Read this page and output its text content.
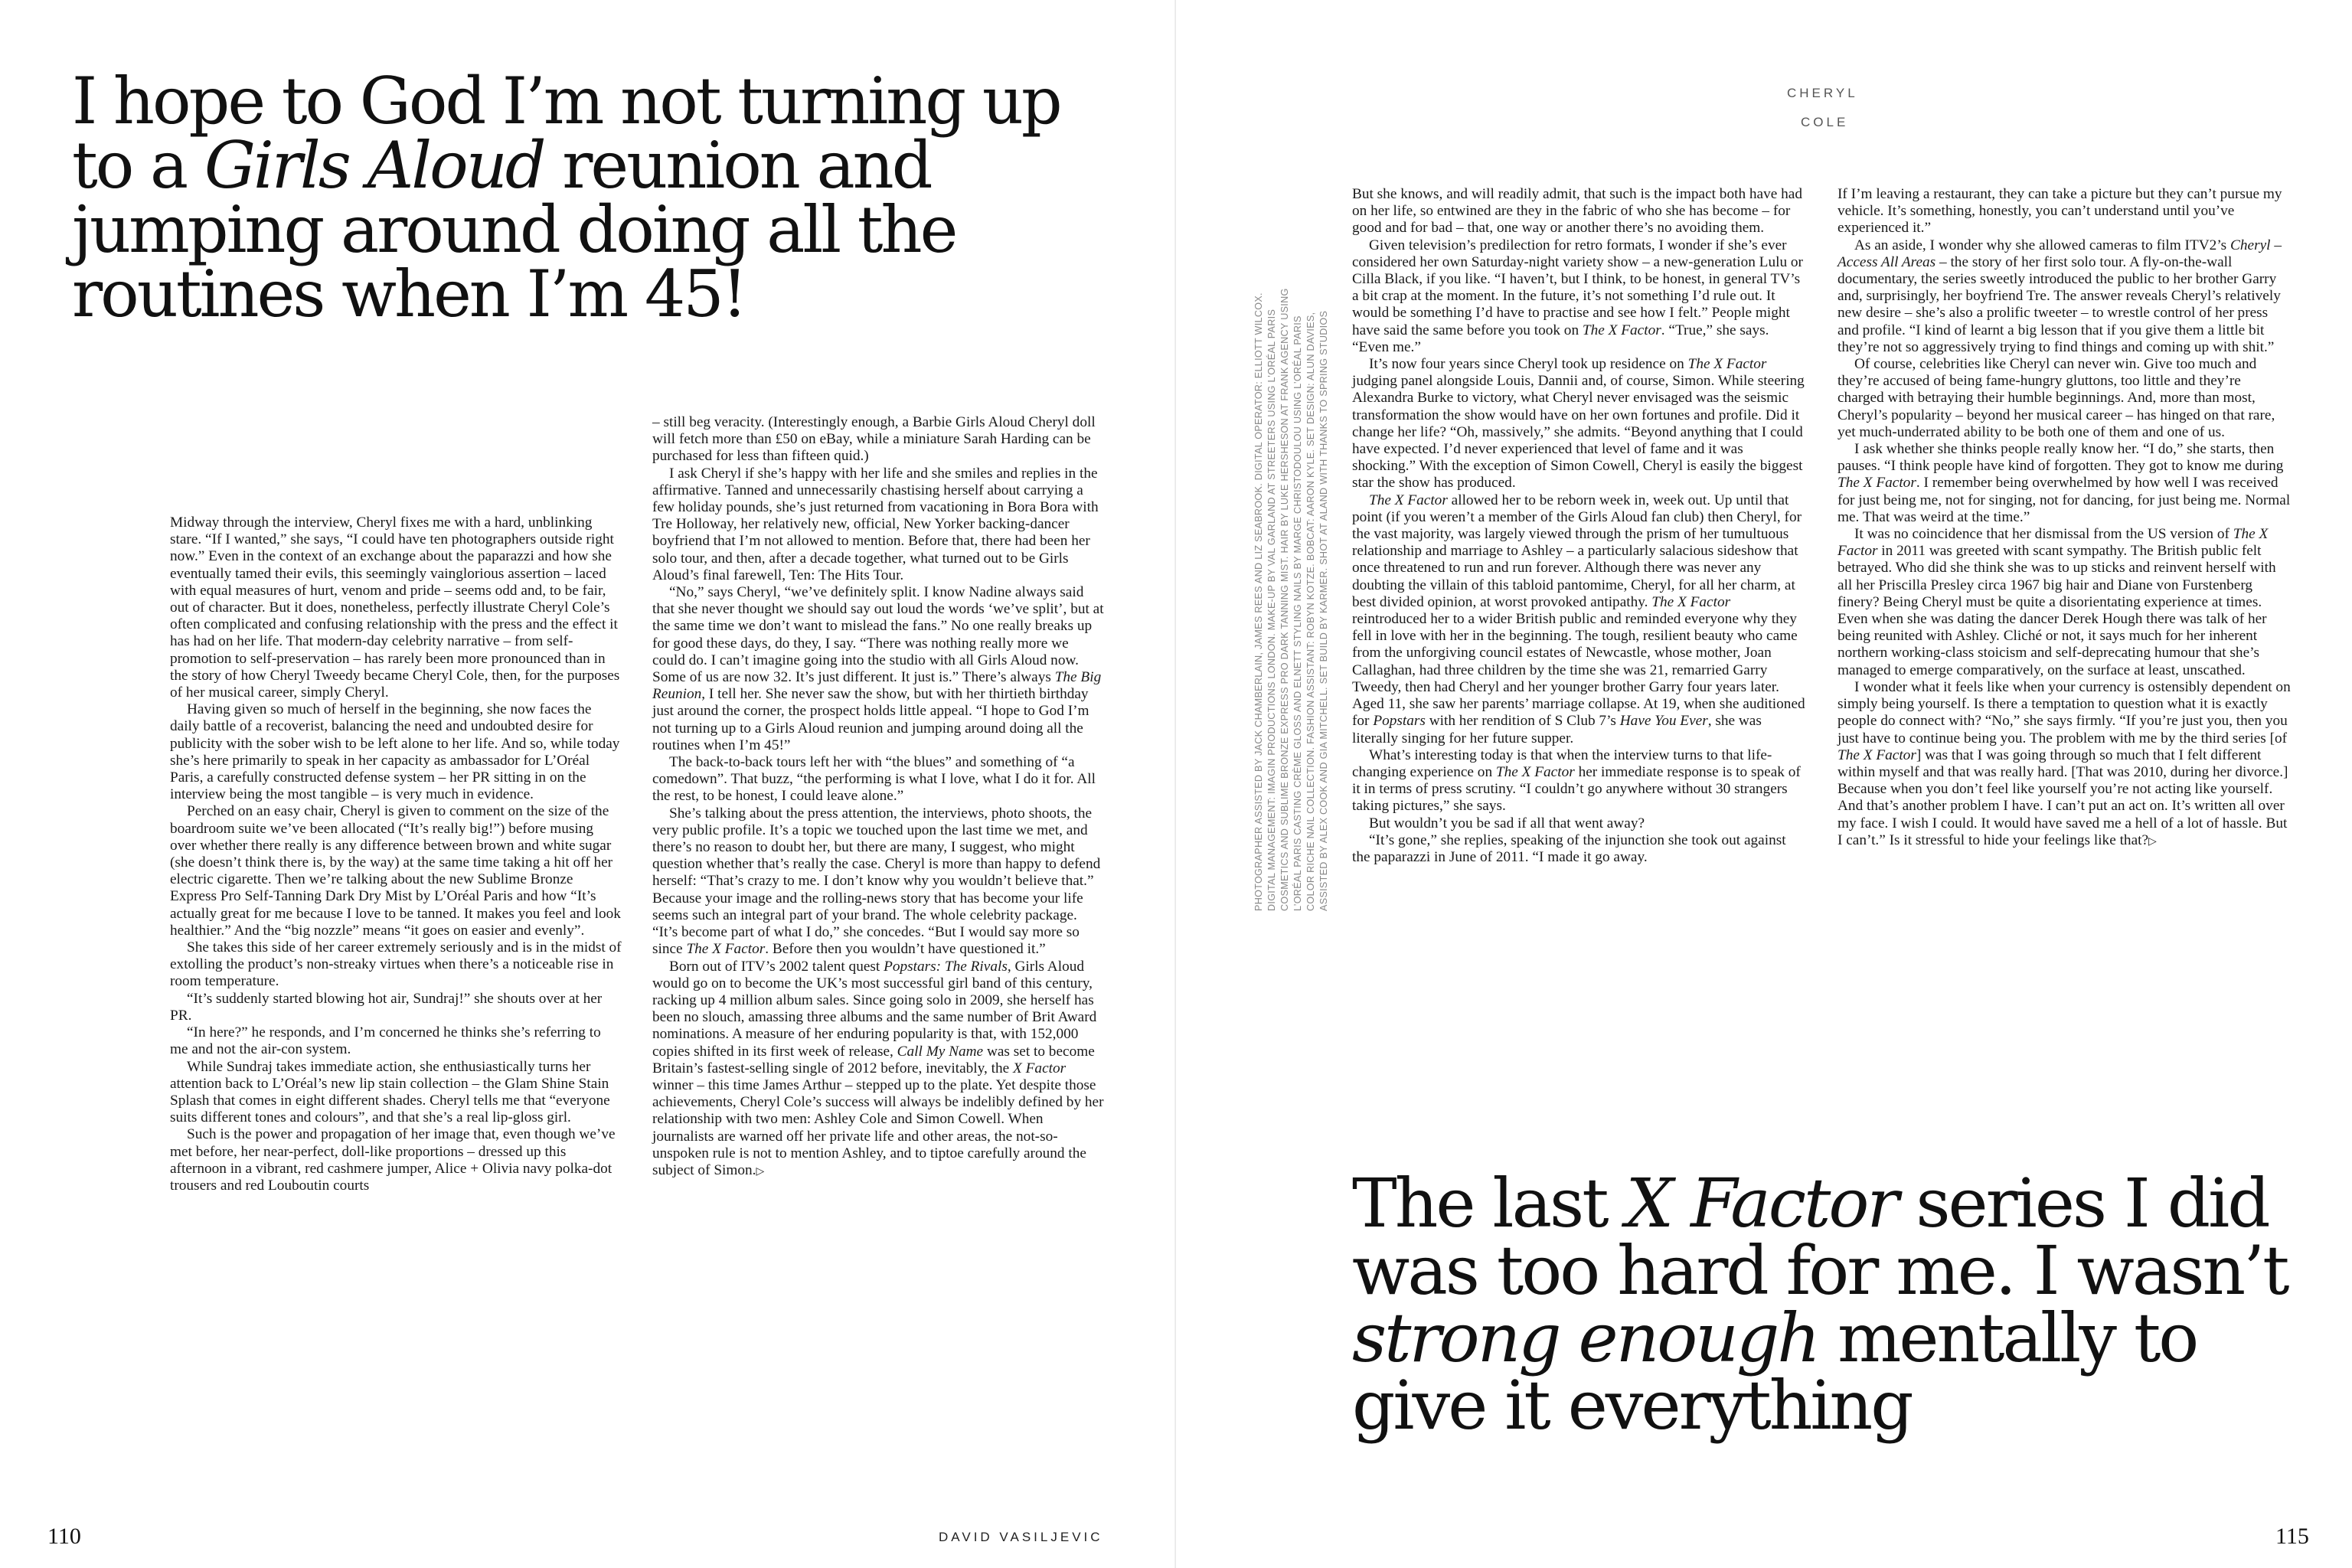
I hope to God I’m not turning up to a Girls Aloud reunion and jumping around doing all the routines when I’m 45!

Midway through the interview, Cheryl fixes me with a hard, unblinking stare. “If I wanted,” she says, “I could have ten photographers outside right now.” Even in the context of an exchange about the paparazzi and how she eventually tamed their evils, this seemingly vainglorious assertion – laced with equal measures of hurt, venom and pride – seems odd and, to be fair, out of character. But it does, nonetheless, perfectly illustrate Cheryl Cole’s often complicated and confusing relationship with the press and the effect it has had on her life. That modern-day celebrity narrative – from self-promotion to self-preservation – has rarely been more pronounced than in the story of how Cheryl Tweedy became Cheryl Cole, then, for the purposes of her musical career, simply Cheryl.

Having given so much of herself in the beginning, she now faces the daily battle of a recoverist, balancing the need and undoubted desire for publicity with the sober wish to be left alone to her life. And so, while today she’s here primarily to speak in her capacity as ambassador for L’Oréal Paris, a carefully constructed defense system – her PR sitting in on the interview being the most tangible – is very much in evidence.

Perched on an easy chair, Cheryl is given to comment on the size of the boardroom suite we’ve been allocated (“It’s really big!”) before musing over whether there really is any difference between brown and white sugar (she doesn’t think there is, by the way) at the same time taking a hit off her electric cigarette. Then we’re talking about the new Sublime Bronze Express Pro Self-Tanning Dark Dry Mist by L’Oréal Paris and how “It’s actually great for me because I love to be tanned. It makes you feel and look healthier.” And the “big nozzle” means “it goes on easier and evenly”.

She takes this side of her career extremely seriously and is in the midst of extolling the product’s non-streaky virtues when there’s a noticeable rise in room temperature.

“It’s suddenly started blowing hot air, Sundraj!” she shouts over at her PR.

“In here?” he responds, and I’m concerned he thinks she’s referring to me and not the air-con system.

While Sundraj takes immediate action, she enthusiastically turns her attention back to L’Oréal’s new lip stain collection – the Glam Shine Stain Splash that comes in eight different shades. Cheryl tells me that “everyone suits different tones and colours”, and that she’s a real lip-gloss girl.

Such is the power and propagation of her image that, even though we’ve met before, her near-perfect, doll-like proportions – dressed up this afternoon in a vibrant, red cashmere jumper, Alice + Olivia navy polka-dot trousers and red Louboutin courts

– still beg veracity. (Interestingly enough, a Barbie Girls Aloud Cheryl doll will fetch more than £50 on eBay, while a miniature Sarah Harding can be purchased for less than fifteen quid.)

I ask Cheryl if she’s happy with her life and she smiles and replies in the affirmative. Tanned and unnecessarily chastising herself about carrying a few holiday pounds, she’s just returned from vacationing in Bora Bora with Tre Holloway, her relatively new, official, New Yorker backing-dancer boyfriend that I’m not allowed to mention. Before that, there had been her solo tour, and then, after a decade together, what turned out to be Girls Aloud’s final farewell, Ten: The Hits Tour.

“No,” says Cheryl, “we’ve definitely split. I know Nadine always said that she never thought we should say out loud the words ‘we’ve split’, but at the same time we don’t want to mislead the fans.” No one really breaks up for good these days, do they, I say. “There was nothing really more we could do. I can’t imagine going into the studio with all Girls Aloud now. Some of us are now 32. It’s just different. It just is.” There’s always The Big Reunion, I tell her. She never saw the show, but with her thirtieth birthday just around the corner, the prospect holds little appeal. “I hope to God I’m not turning up to a Girls Aloud reunion and jumping around doing all the routines when I’m 45!”

The back-to-back tours left her with “the blues” and something of “a comedown”. That buzz, “the performing is what I love, what I do it for. All the rest, to be honest, I could leave alone.”

She’s talking about the press attention, the interviews, photo shoots, the very public profile. It’s a topic we touched upon the last time we met, and there’s no reason to doubt her, but there are many, I suggest, who might question whether that’s really the case. Cheryl is more than happy to defend herself: “That’s crazy to me. I don’t know why you wouldn’t believe that.” Because your image and the rolling-news story that has become your life seems such an integral part of your brand. The whole celebrity package. “It’s become part of what I do,” she concedes. “But I would say more so since The X Factor. Before then you wouldn’t have questioned it.”

Born out of ITV’s 2002 talent quest Popstars: The Rivals, Girls Aloud would go on to become the UK’s most successful girl band of this century, racking up 4 million album sales. Since going solo in 2009, she herself has been no slouch, amassing three albums and the same number of Brit Award nominations. A measure of her enduring popularity is that, with 152,000 copies shifted in its first week of release, Call My Name was set to become Britain’s fastest-selling single of 2012 before, inevitably, the X Factor winner – this time James Arthur – stepped up to the plate. Yet despite those achievements, Cheryl Cole’s success will always be indelibly defined by her relationship with two men: Ashley Cole and Simon Cowell. When journalists are warned off her private life and other areas, the not-so-unspoken rule is not to mention Ashley, and to tiptoe carefully around the subject of Simon.▷

110	DAVID VASILJEVIC
CHERYL
COLE
PHOTOGRAPHER ASSISTED BY JACK CHAMBERLAIN, JAMES REES AND LIZ SEABROOK. DIGITAL OPERATOR: ELLIOTT WILCOX. DIGITAL MANAGEMENT: IMAGIN PRODUCTIONS LONDON. MAKE-UP BY VAL GARLAND AT STREETERS USING L’ORÉAL PARIS COSMETICS AND SUBLIME BRONZE EXPRESS PRO DARK TANNING MIST. HAIR BY LUKE HERSHESON AT FRANK AGENCY USING L’ORÉAL PARIS CASTING CRÈME GLOSS AND ELNETT STYLING NAILS BY MARGE CHRISTODOULOU USING L’ORÉAL PARIS COLOR RICHE NAIL COLLECTION. FASHION ASSISTANT: ROBYN KOTZE. BOBCAT: AARON KYLE. SET DESIGN: ALUN DAVIES, ASSISTED BY ALEX COOK AND GIA MITCHELL. SET BUILD BY KARMER. SHOT AT ALAND WITH THANKS TO SPRING STUDIOS

But she knows, and will readily admit, that such is the impact both have had on her life, so entwined are they in the fabric of who she has become – for good and for bad – that, one way or another there’s no avoiding them.

Given television’s predilection for retro formats, I wonder if she’s ever considered her own Saturday-night variety show – a new-generation Lulu or Cilla Black, if you like. “I haven’t, but I think, to be honest, in general TV’s a bit crap at the moment. In the future, it’s not something I’d rule out. It would be something I’d have to practise and see how I felt.” People might have said the same before you took on The X Factor. “True,” she says. “Even me.”

It’s now four years since Cheryl took up residence on The X Factor judging panel alongside Louis, Dannii and, of course, Simon. While steering Alexandra Burke to victory, what Cheryl never envisaged was the seismic transformation the show would have on her own fortunes and profile. Did it change her life? “Oh, massively,” she admits. “Beyond anything that I could have expected. I’d never experienced that level of fame and it was shocking.” With the exception of Simon Cowell, Cheryl is easily the biggest star the show has produced.

The X Factor allowed her to be reborn week in, week out. Up until that point (if you weren’t a member of the Girls Aloud fan club) then Cheryl, for the vast majority, was largely viewed through the prism of her tumultuous relationship and marriage to Ashley – a particularly salacious sideshow that once threatened to run and run forever. Although there was never any doubting the villain of this tabloid pantomime, Cheryl, for all her charm, at best divided opinion, at worst provoked antipathy. The X Factor reintroduced her to a wider British public and reminded everyone why they fell in love with her in the beginning. The tough, resilient beauty who came from the unforgiving council estates of Newcastle, whose mother, Joan Callaghan, had three children by the time she was 21, remarried Garry Tweedy, then had Cheryl and her younger brother Garry four years later. Aged 11, she saw her parents’ marriage collapse. At 19, when she auditioned for Popstars with her rendition of S Club 7’s Have You Ever, she was literally singing for her future supper.

What’s interesting today is that when the interview turns to that life-changing experience on The X Factor her immediate response is to speak of it in terms of press scrutiny. “I couldn’t go anywhere without 30 strangers taking pictures,” she says.

But wouldn’t you be sad if all that went away?

“It’s gone,” she replies, speaking of the injunction she took out against the paparazzi in June of 2011. “I made it go away.

If I’m leaving a restaurant, they can take a picture but they can’t pursue my vehicle. It’s something, honestly, you can’t understand until you’ve experienced it.”

As an aside, I wonder why she allowed cameras to film ITV2’s Cheryl – Access All Areas – the story of her first solo tour. A fly-on-the-wall documentary, the series sweetly introduced the public to her brother Garry and, surprisingly, her boyfriend Tre. The answer reveals Cheryl’s relatively new desire – she’s also a prolific tweeter – to wrestle control of her press and profile. “I kind of learnt a big lesson that if you give them a little bit they’re not so aggressively trying to find things and coming up with shit.”

Of course, celebrities like Cheryl can never win. Give too much and they’re accused of being fame-hungry gluttons, too little and they’re charged with betraying their humble beginnings. And, more than most, Cheryl’s popularity – beyond her musical career – has hinged on that rare, yet much-underrated ability to be both one of them and one of us.

I ask whether she thinks people really know her. “I do,” she starts, then pauses. “I think people have kind of forgotten. They got to know me during The X Factor. I remember being overwhelmed by how well I was received for just being me, not for singing, not for dancing, for just being me. Normal me. That was weird at the time.”

It was no coincidence that her dismissal from the US version of The X Factor in 2011 was greeted with scant sympathy. The British public felt betrayed. Who did she think she was to up sticks and reinvent herself with all her Priscilla Presley circa 1967 big hair and Diane von Furstenberg finery? Being Cheryl must be quite a disorientating experience at times. Even when she was dating the dancer Derek Hough there was talk of her being reunited with Ashley. Cliché or not, it says much for her inherent northern working-class stoicism and self-deprecating humour that she’s managed to emerge comparatively, on the surface at least, unscathed.

I wonder what it feels like when your currency is ostensibly dependent on simply being yourself. Is there a temptation to question what it is exactly people do connect with? “No,” she says firmly. “If you’re just you, then you just have to continue being you. The problem with me by the third series [of The X Factor] was that I was going through so much that I felt different within myself and that was really hard. [That was 2010, during her divorce.] Because when you don’t feel like yourself you’re not acting like yourself. And that’s another problem I have. I can’t put an act on. It’s written all over my face. I wish I could. It would have saved me a hell of a lot of hassle. But I can’t.” Is it stressful to hide your feelings like that?▷

The last X Factor series I did was too hard for me. I wasn’t strong enough mentally to give it everything
115
